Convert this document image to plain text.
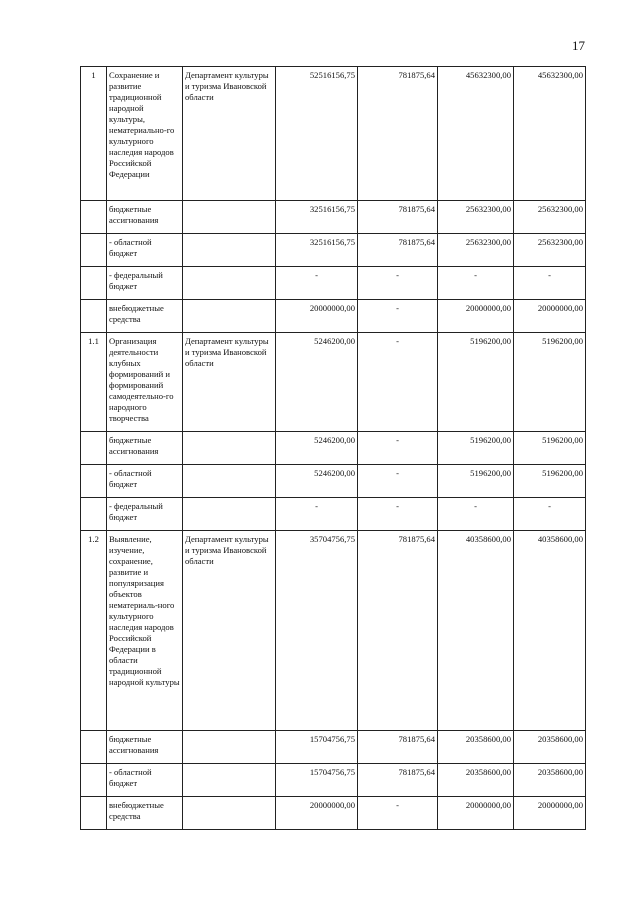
17
1	Сохранение и развитие традиционной народной культуры, нематериально-го культурного наследия народов Российской Федерации	Департамент культуры и туризма Ивановской области	52516156,75	781875,64	45632300,00	45632300,00
	бюджетные ассигнования		32516156,75	781875,64	25632300,00	25632300,00
	- областной бюджет		32516156,75	781875,64	25632300,00	25632300,00
	- федеральный бюджет		-	-	-	-
	внебюджетные средства		20000000,00	-	20000000,00	20000000,00
1.1	Организация деятельности клубных формирований и формирований самодеятельно-го народного творчества	Департамент культуры и туризма Ивановской области	5246200,00	-	5196200,00	5196200,00
	бюджетные ассигнования		5246200,00	-	5196200,00	5196200,00
	- областной бюджет		5246200,00	-	5196200,00	5196200,00
	- федеральный бюджет		-	-	-	-
1.2	Выявление, изучение, сохранение, развитие и популяризация объектов нематериаль-ного культурного наследия народов Российской Федерации в области традиционной народной культуры	Департамент культуры и туризма Ивановской области	35704756,75	781875,64	40358600,00	40358600,00
	бюджетные ассигнования		15704756,75	781875,64	20358600,00	20358600,00
	- областной бюджет		15704756,75	781875,64	20358600,00	20358600,00
	внебюджетные средства		20000000,00	-	20000000,00	20000000,00
